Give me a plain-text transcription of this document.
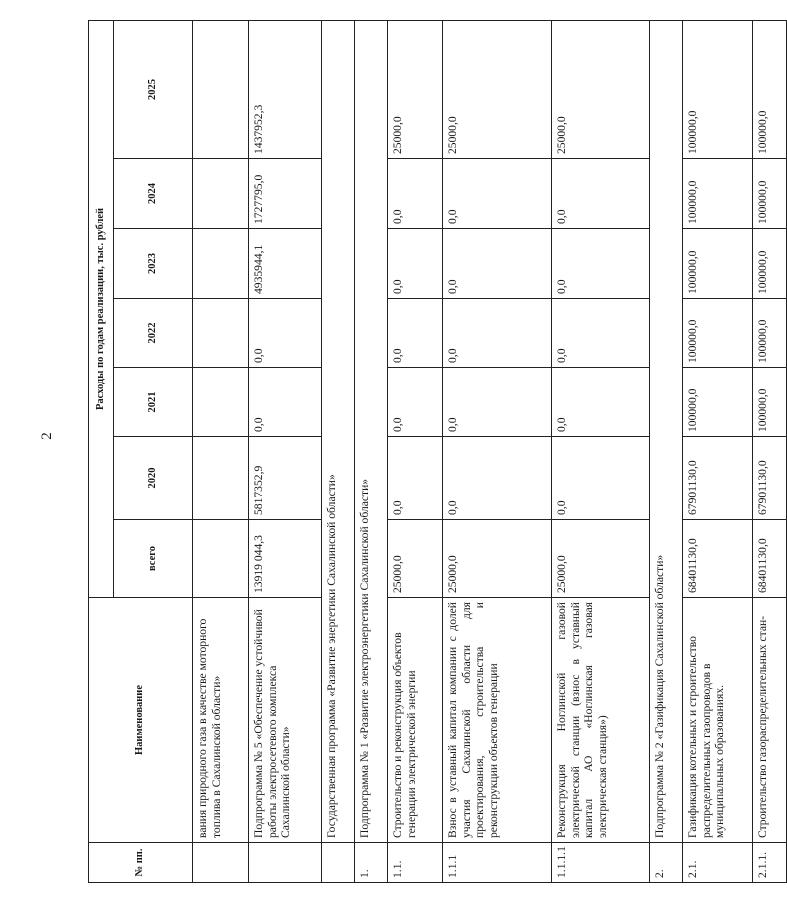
2
№ пп.	Наименование	Расходы по годам реализации, тыс. рублей						
		всего	2020	2021	2022	2023	2024	2025
	вания природного газа в качестве моторного топлива в Сахалинской области»							
	Подпрограмма № 5 «Обеспечение устойчивой работы электросетевого комплекса Сахалинской области»	13919 044,3	5817352,9	0,0	0,0	4935944,1	1727795,0	1437952,3
	Государственная программа «Развитие энергетики Сахалинской области»							
1.	Подпрограмма № 1 «Развитие электроэнергетики Сахалинской области»							
1.1.	Строительство и реконструкция объектов генерации электрической энергии	25000,0	0,0	0,0	0,0	0,0	0,0	25000,0
1.1.1	Взнос в уставный капитал компании с долей участия Сахалинской области для проектирования, строительства и реконструкции объектов генерации	25000,0	0,0	0,0	0,0	0,0	0,0	25000,0
1.1.1.1	Реконструкция Ноглинской газовой электрической станции (взнос в уставный капитал АО «Ноглинская газовая электрическая станция»)	25000,0	0,0	0,0	0,0	0,0	0,0	25000,0
2.	Подпрограмма № 2 «Газификация Сахалинской области»							
2.1.	Газификация котельных и строительство распределительных газопроводов в муниципальных образованиях.	68401130,0	67901130,0	100000,0	100000,0	100000,0	100000,0	100000,0
2.1.1.	Строительство газораспределительных стан-	68401130,0	67901130,0	100000,0	100000,0	100000,0	100000,0	100000,0
